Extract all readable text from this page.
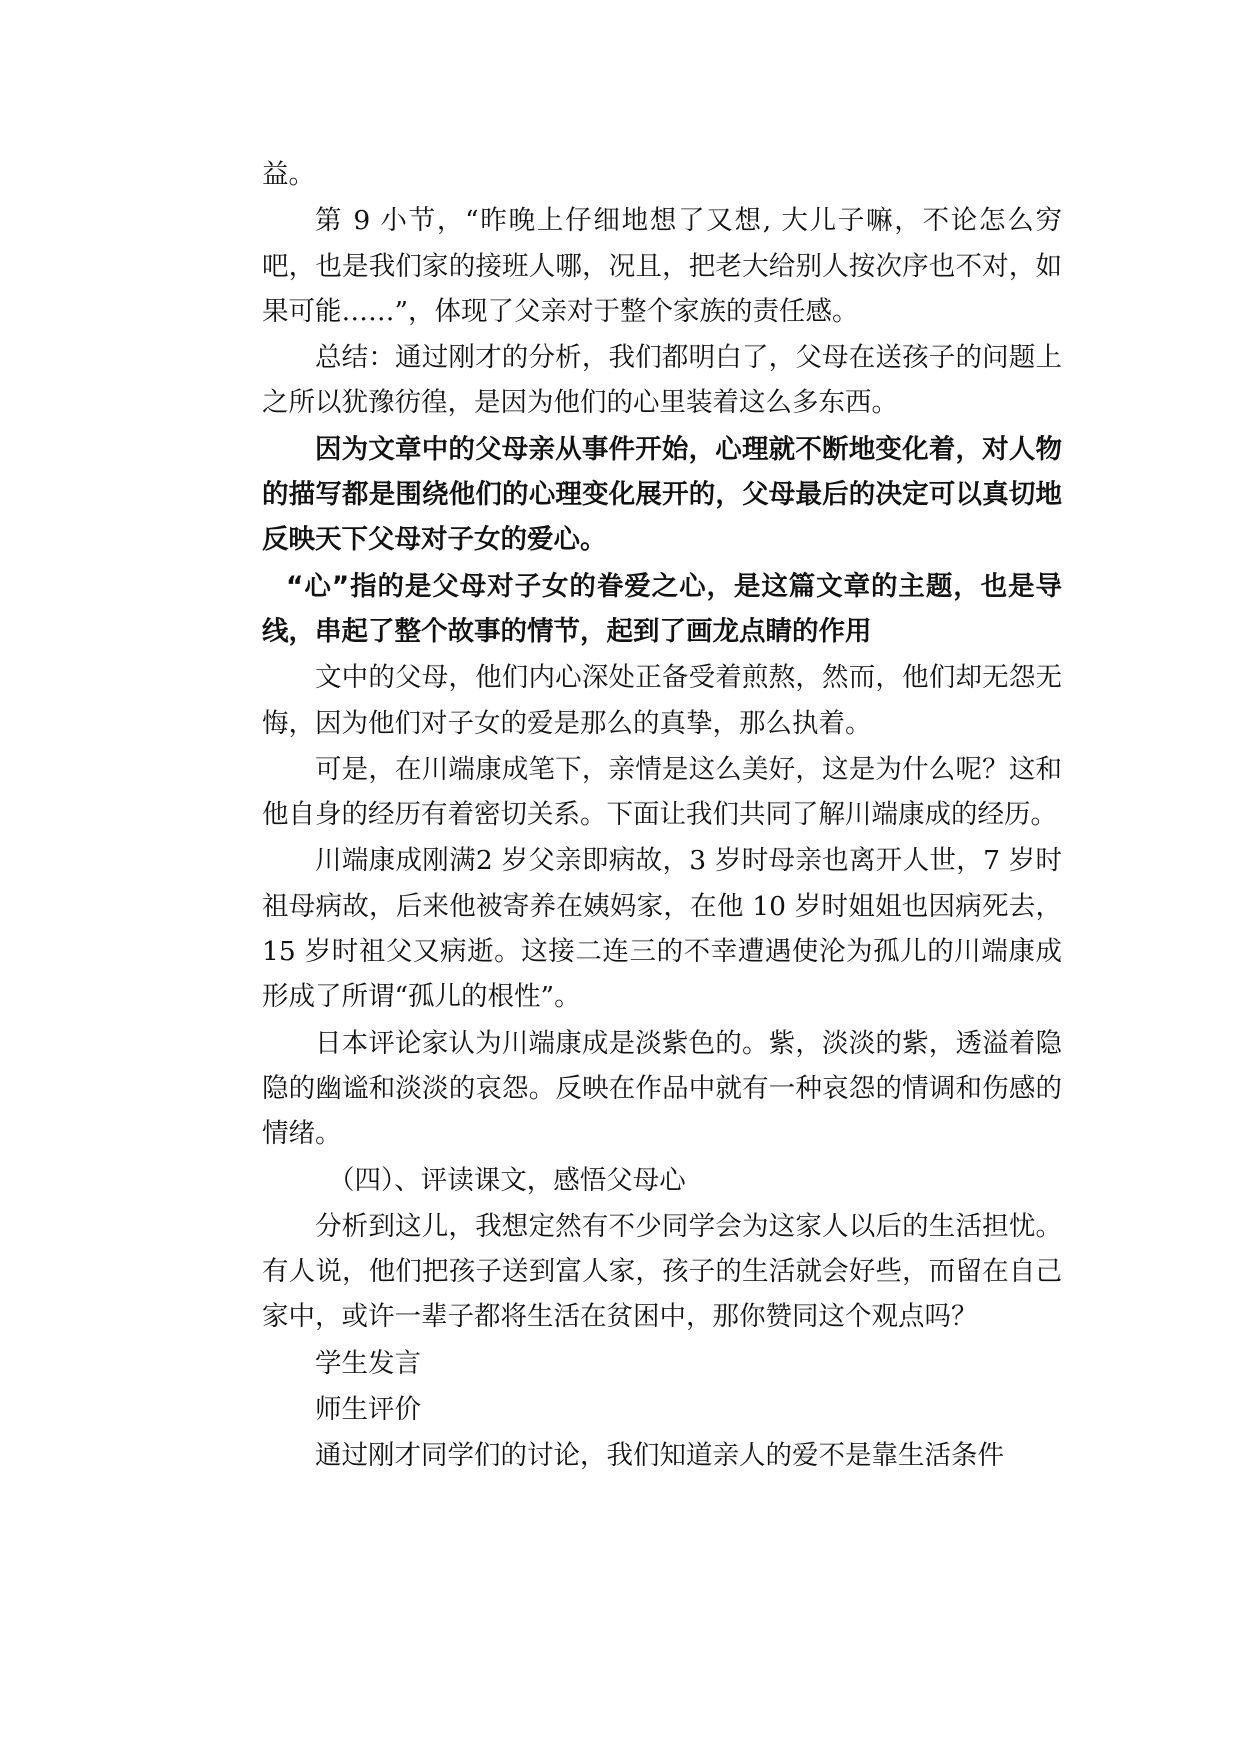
益。

第 9 小节，“昨晚上仔细地想了又想, 大儿子嘛，不论怎么穷吧，也是我们家的接班人哪，况且，把老大给别人按次序也不对，如果可能……”，体现了父亲对于整个家族的责任感。

总结：通过刚才的分析，我们都明白了，父母在送孩子的问题上之所以犹豫彷徨，是因为他们的心里装着这么多东西。

因为文章中的父母亲从事件开始，心理就不断地变化着，对人物的描写都是围绕他们的心理变化展开的，父母最后的决定可以真切地反映天下父母对子女的爱心。

“心”指的是父母对子女的眷爱之心，是这篇文章的主题，也是导线，串起了整个故事的情节，起到了画龙点睛的作用

文中的父母，他们内心深处正备受着煎熬，然而，他们却无怨无悔，因为他们对子女的爱是那么的真挚，那么执着。

可是，在川端康成笔下，亲情是这么美好，这是为什么呢？这和他自身的经历有着密切关系。下面让我们共同了解川端康成的经历。

川端康成刚满2 岁父亲即病故，3 岁时母亲也离开人世，7 岁时祖母病故，后来他被寄养在姨妈家，在他 10 岁时姐姐也因病死去，15 岁时祖父又病逝。这接二连三的不幸遭遇使沦为孤儿的川端康成形成了所谓“孤儿的根性”。

日本评论家认为川端康成是淡紫色的。紫，淡淡的紫，透溢着隐隐的幽谧和淡淡的哀怨。反映在作品中就有一种哀怨的情调和伤感的情绪。

（四）、评读课文，感悟父母心

分析到这儿，我想定然有不少同学会为这家人以后的生活担忧。有人说，他们把孩子送到富人家，孩子的生活就会好些，而留在自己家中，或许一辈子都将生活在贫困中，那你赞同这个观点吗？

学生发言

师生评价

通过刚才同学们的讨论，我们知道亲人的爱不是靠生活条件
